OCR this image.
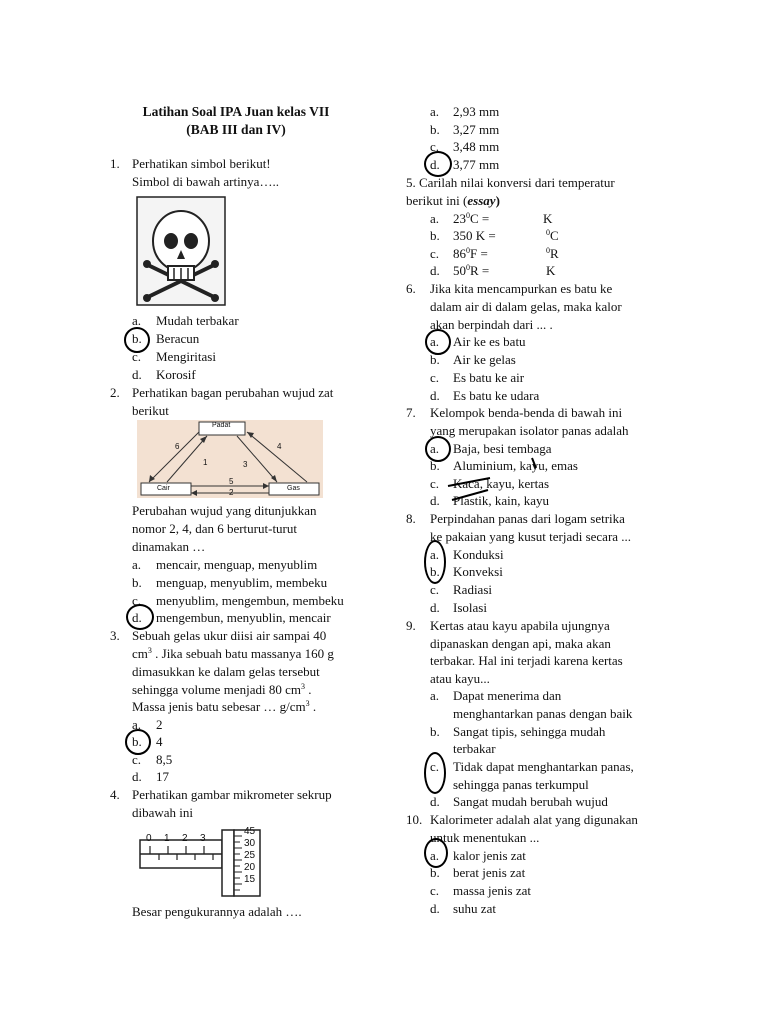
Latihan Soal IPA Juan kelas VII
(BAB III dan IV)
1. Perhatikan simbol berikut!
Simbol di bawah artinya…..
a. Mudah terbakar
b. Beracun
c. Mengiritasi
d. Korosif
2. Perhatikan bagan perubahan wujud zat
berikut
Padat
Cair	Gas
6
1	3
4
5
2
Perubahan wujud yang ditunjukkan
nomor 2, 4, dan 6 berturut-turut
dinamakan …
a. mencair, menguap, menyublim
b. menguap, menyublim, membeku
c. menyublim, mengembun, membeku
d. mengembun, menyublin, mencair
3. Sebuah gelas ukur diisi air sampai 40
$cm^3$ . Jika sebuah batu massanya 160 g
dimasukkan ke dalam gelas tersebut
sehingga volume menjadi 80 $cm^3$ .
Massa jenis batu sebesar … $g/cm^3$ .
a. 2
b. 4
c. 8,5
d. 17
4. Perhatikan gambar mikrometer sekrup
dibawah ini
0 1 2 3
45
30
25
20
15
Besar pengukurannya adalah ….
a. 2,93 mm
b. 3,27 mm
c. 3,48 mm
d. 3,77 mm
5. Carilah nilai konversi dari temperatur
berikut ini (essay)
a. $23^0C$ =	K
b. 350 K =	$^0$C
c. $86^0F$ =	$^0$R
d. $50^0R$ =	K
6. Jika kita mencampurkan es batu ke
dalam air di dalam gelas, maka kalor
akan berpindah dari ... .
a. Air ke es batu
b. Air ke gelas
c. Es batu ke air
d. Es batu ke udara
7. Kelompok benda-benda di bawah ini
yang merupakan isolator panas adalah
a. Baja, besi tembaga
b. Aluminium, kayu, emas
c. Kaca, kayu, kertas
d. Plastik, kain, kayu
8. Perpindahan panas dari logam setrika
ke pakaian yang kusut terjadi secara ...
a. Konduksi
b. Konveksi
c. Radiasi
d. Isolasi
9. Kertas atau kayu apabila ujungnya
dipanaskan dengan api, maka akan
terbakar. Hal ini terjadi karena kertas
atau kayu...
a. Dapat menerima dan
menghantarkan panas dengan baik
b. Sangat tipis, sehingga mudah
terbakar
c. Tidak dapat menghantarkan panas,
sehingga panas terkumpul
d. Sangat mudah berubah wujud
10. Kalorimeter adalah alat yang digunakan
untuk menentukan ...
a. kalor jenis zat
b. berat jenis zat
c. massa jenis zat
d. suhu zat
